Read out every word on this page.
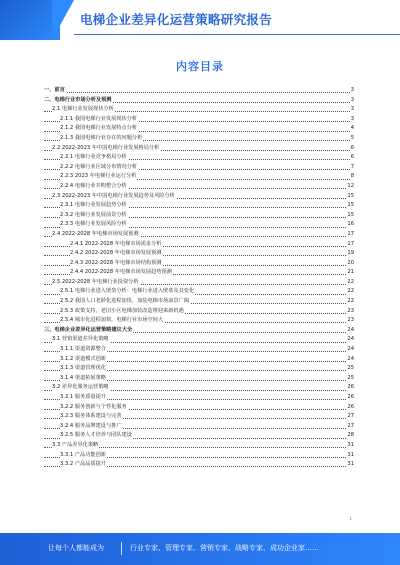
电梯企业差异化运营策略研究报告
内容目录
一、前言	3
二、电梯行业市场分析及预测	3
2.1 电梯行业发展现状分析	3
2.1.1 我国电梯行业发展现状分析	3
2.1.2 我国电梯行业发展特点分析	4
2.1.3 我国电梯行业存在的问题分析	5
2.2 2022-2023 年中国电梯行业发展格局分析	6
2.2.1 电梯行业竞争格局分析	6
2.2.2 电梯行业区域分布情况分析	7
2.2.3 2023 年电梯行业运行分析	8
2.2.4 电梯行业并购整合分析	12
2.3 2022-2023 年中国电梯行业发展趋势及风险分析	15
2.3.1 电梯行业发展趋势分析	15
2.3.2 电梯行业发展前景分析	15
2.3.3 电梯行业发展风险分析	16
2.4 2022-2028 年电梯市场发展预测	17
2.4.1 2022-2028 年电梯市场需求分析	17
2.4.2 2022-2028 年电梯市场发展预测	19
2.4.3 2022-2028 年电梯市场结构预测	20
2.4.4 2022-2028 年电梯市场发展趋势预测	21
2.5 2022-2028 年电梯行业投资分析	22
2.5.1 电梯行业进入壁垒分析：电梯行业进入壁垒及其变化	22
2.5.2 我国人口老龄化进程加快，加装电梯市场前景广阔	22
2.5.3 政策支持，老旧小区电梯加装改造将迎来新机遇	23
2.5.4 城市化进程加快，电梯行业市场空间大	23
三、电梯企业差异化运营策略建议大全	24
3.1 营销渠道差异化策略	24
3.1.1 渠道资源整合	24
3.1.2 渠道模式创新	24
3.1.3 渠道管理优化	25
3.1.4 渠道拓展策略	25
3.2 差异化服务运营策略	26
3.2.1 服务质量提升	26
3.2.2 服务创新与个性化服务	26
3.2.3 服务体系建设与完善	27
3.2.4 服务品牌建设与推广	27
3.2.5 服务人才培养与团队建设	28
3.3 产品差异化策略	31
3.3.1 产品功能创新	31
3.3.2 产品品质提升	31
1
让每个人都能成为	行业专家、管理专家、营销专家、战略专家、成功企业家……
